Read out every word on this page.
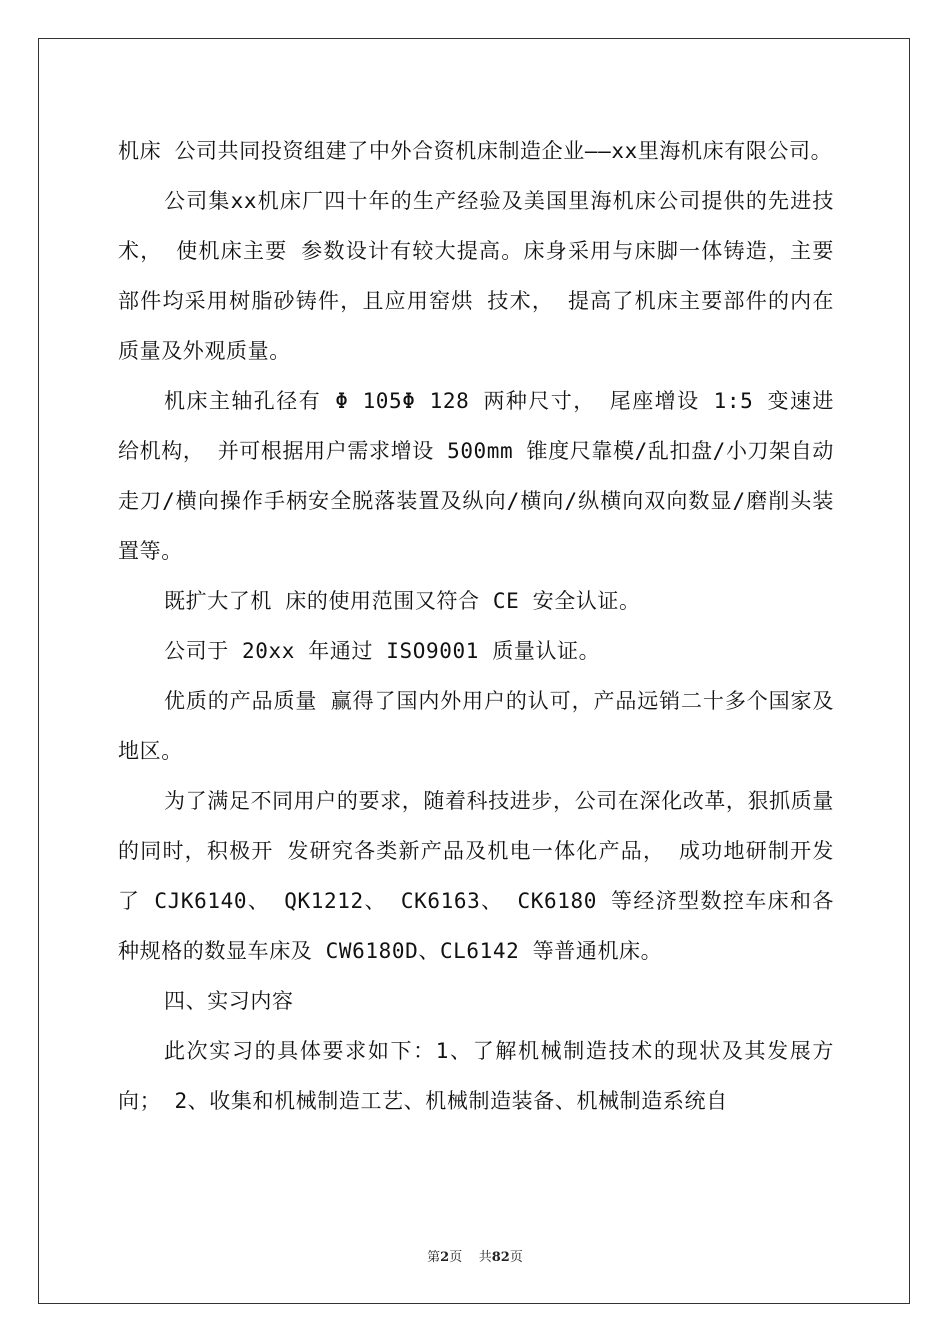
机床 公司共同投资组建了中外合资机床制造企业——xx里海机床有限公司。

公司集xx机床厂四十年的生产经验及美国里海机床公司提供的先进技术， 使机床主要 参数设计有较大提高。床身采用与床脚一体铸造，主要部件均采用树脂砂铸件，且应用窑烘 技术， 提高了机床主要部件的内在质量及外观质量。

机床主轴孔径有 Φ 105Φ 128 两种尺寸， 尾座增设 1:5 变速进给机构， 并可根据用户需求增设 500mm 锥度尺靠模/乱扣盘/小刀架自动 走刀/横向操作手柄安全脱落装置及纵向/横向/纵横向双向数显/磨削头装置等。

既扩大了机 床的使用范围又符合 CE 安全认证。

公司于 20xx 年通过 ISO9001 质量认证。

优质的产品质量 赢得了国内外用户的认可，产品远销二十多个国家及地区。

为了满足不同用户的要求，随着科技进步，公司在深化改革，狠抓质量的同时，积极开 发研究各类新产品及机电一体化产品， 成功地研制开发了 CJK6140、 QK1212、 CK6163、 CK6180 等经济型数控车床和各种规格的数显车床及 CW6180D、CL6142 等普通机床。

四、实习内容

此次实习的具体要求如下：1、了解机械制造技术的现状及其发展方向； 2、收集和机械制造工艺、机械制造装备、机械制造系统自

第2页 共82页
